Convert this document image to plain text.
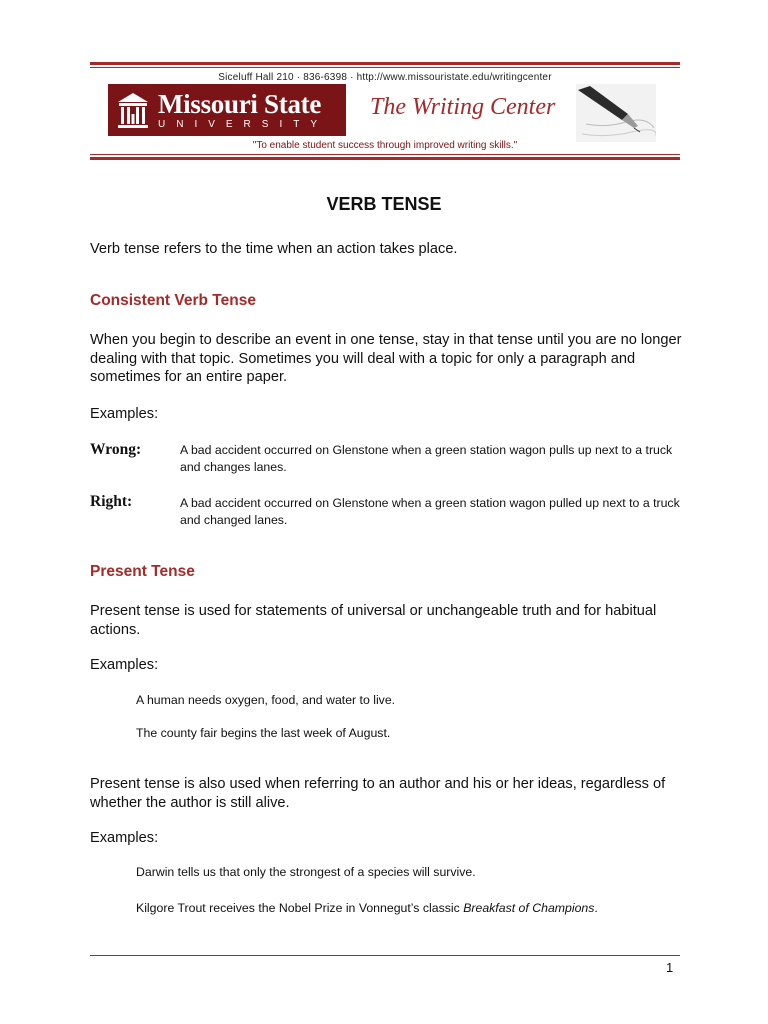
Siceluff Hall 210 · 836-6398 · http://www.missouristate.edu/writingcenter
Missouri State
UNIVERSITY
The Writing Center
"To enable student success through improved writing skills."
VERB TENSE
Verb tense refers to the time when an action takes place.
Consistent Verb Tense
When you begin to describe an event in one tense, stay in that tense until you are no longer dealing with that topic. Sometimes you will deal with a topic for only a paragraph and sometimes for an entire paper.
Examples:
Wrong:	A bad accident occurred on Glenstone when a green station wagon pulls up next to a truck and changes lanes.
Right:	A bad accident occurred on Glenstone when a green station wagon pulled up next to a truck and changed lanes.
Present Tense
Present tense is used for statements of universal or unchangeable truth and for habitual actions.
Examples:
A human needs oxygen, food, and water to live.
The county fair begins the last week of August.
Present tense is also used when referring to an author and his or her ideas, regardless of whether the author is still alive.
Examples:
Darwin tells us that only the strongest of a species will survive.
Kilgore Trout receives the Nobel Prize in Vonnegut’s classic Breakfast of Champions.
1
